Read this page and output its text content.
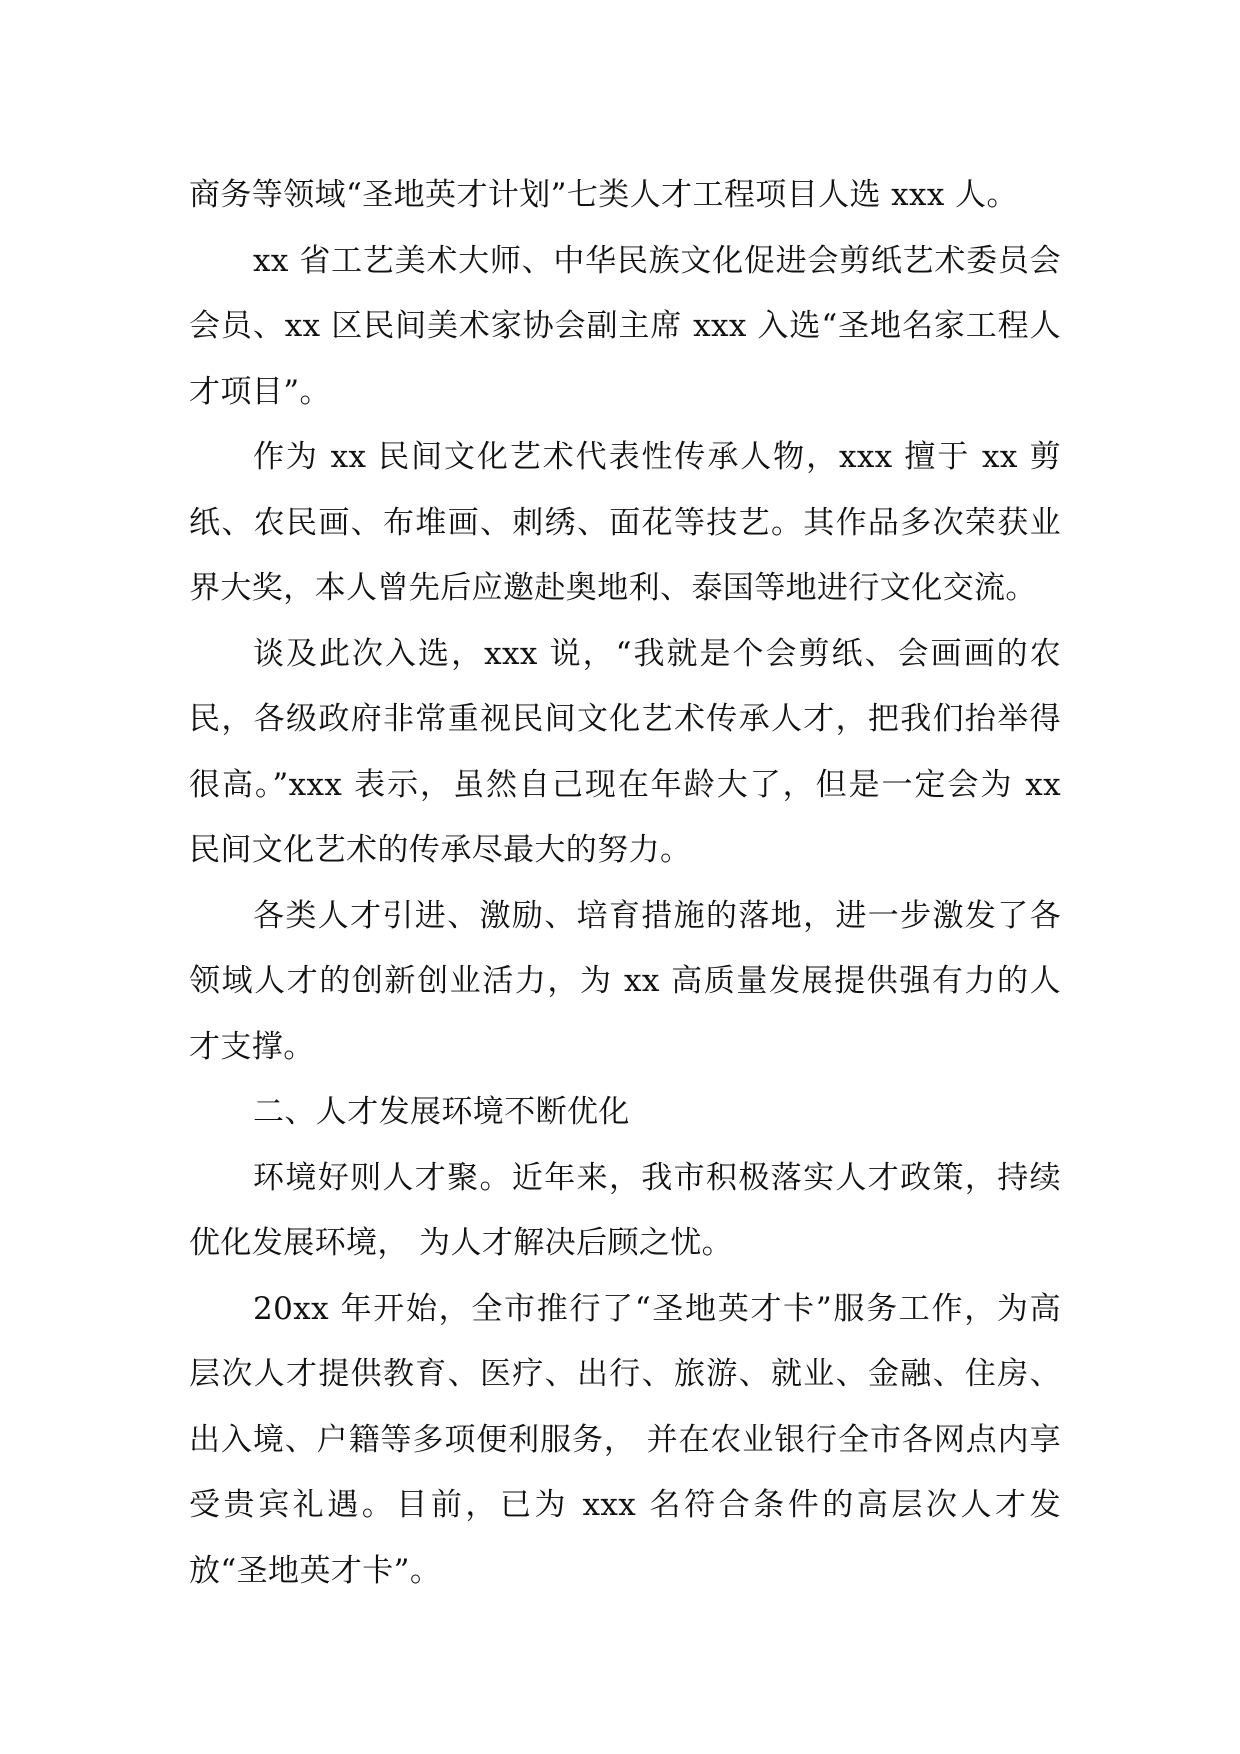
商务等领域“圣地英才计划”七类人才工程项目人选 xxx 人。

xx 省工艺美术大师、中华民族文化促进会剪纸艺术委员会会员、xx 区民间美术家协会副主席 xxx 入选“圣地名家工程人才项目”。

作为 xx 民间文化艺术代表性传承人物，xxx 擅于 xx 剪纸、农民画、布堆画、刺绣、面花等技艺。其作品多次荣获业界大奖，本人曾先后应邀赴奥地利、泰国等地进行文化交流。

谈及此次入选，xxx 说，“我就是个会剪纸、会画画的农民，各级政府非常重视民间文化艺术传承人才，把我们抬举得很高。”xxx 表示，虽然自己现在年龄大了，但是一定会为 xx 民间文化艺术的传承尽最大的努力。

各类人才引进、激励、培育措施的落地，进一步激发了各领域人才的创新创业活力，为 xx 高质量发展提供强有力的人才支撑。

二、人才发展环境不断优化

环境好则人才聚。近年来，我市积极落实人才政策，持续优化发展环境， 为人才解决后顾之忧。

20xx 年开始，全市推行了“圣地英才卡”服务工作，为高层次人才提供教育、医疗、出行、旅游、就业、金融、住房、出入境、户籍等多项便利服务， 并在农业银行全市各网点内享受贵宾礼遇。目前，已为 xxx 名符合条件的高层次人才发放“圣地英才卡”。
